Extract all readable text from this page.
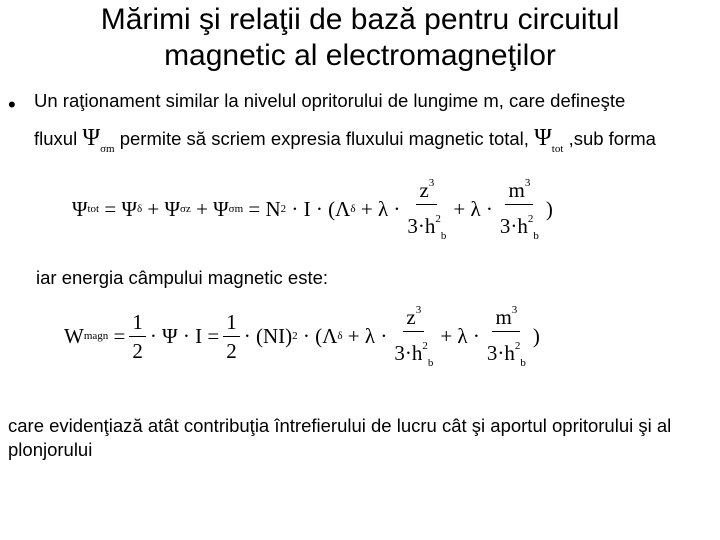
Mărimi şi relaţii de bază pentru circuitul
magnetic al electromagneţilor
• Un raţionament similar la nivelul opritorului de lungime m, care defineşte
fluxul $\Psi_{\sigma m}$ permite să scriem expresia fluxului magnetic total, $\Psi_{tot}$ ,sub forma
Ψ tot
=
Ψ δ
+
Ψ σz
+
Ψ σm
=
N 2
·
I
·
(Λ δ
+
λ
· $\frac{z^3}{3\cdot h^2_b}$ +
λ
· $\frac{m^3}{3\cdot h^2_b}$ )
iar energia câmpului magnetic este:
W magn
= $\frac{1}{2}$ ·
Ψ
·
I
= $\frac{1}{2}$ ·
(NI) 2
·
(Λ δ
+
λ
· $\frac{z^3}{3\cdot h^2_b}$ +
λ
· $\frac{m^3}{3\cdot h^2_b}$ )
care evidenţiază atât contribuţia întrefierului de lucru cât şi aportul opritorului şi al plonjorului
